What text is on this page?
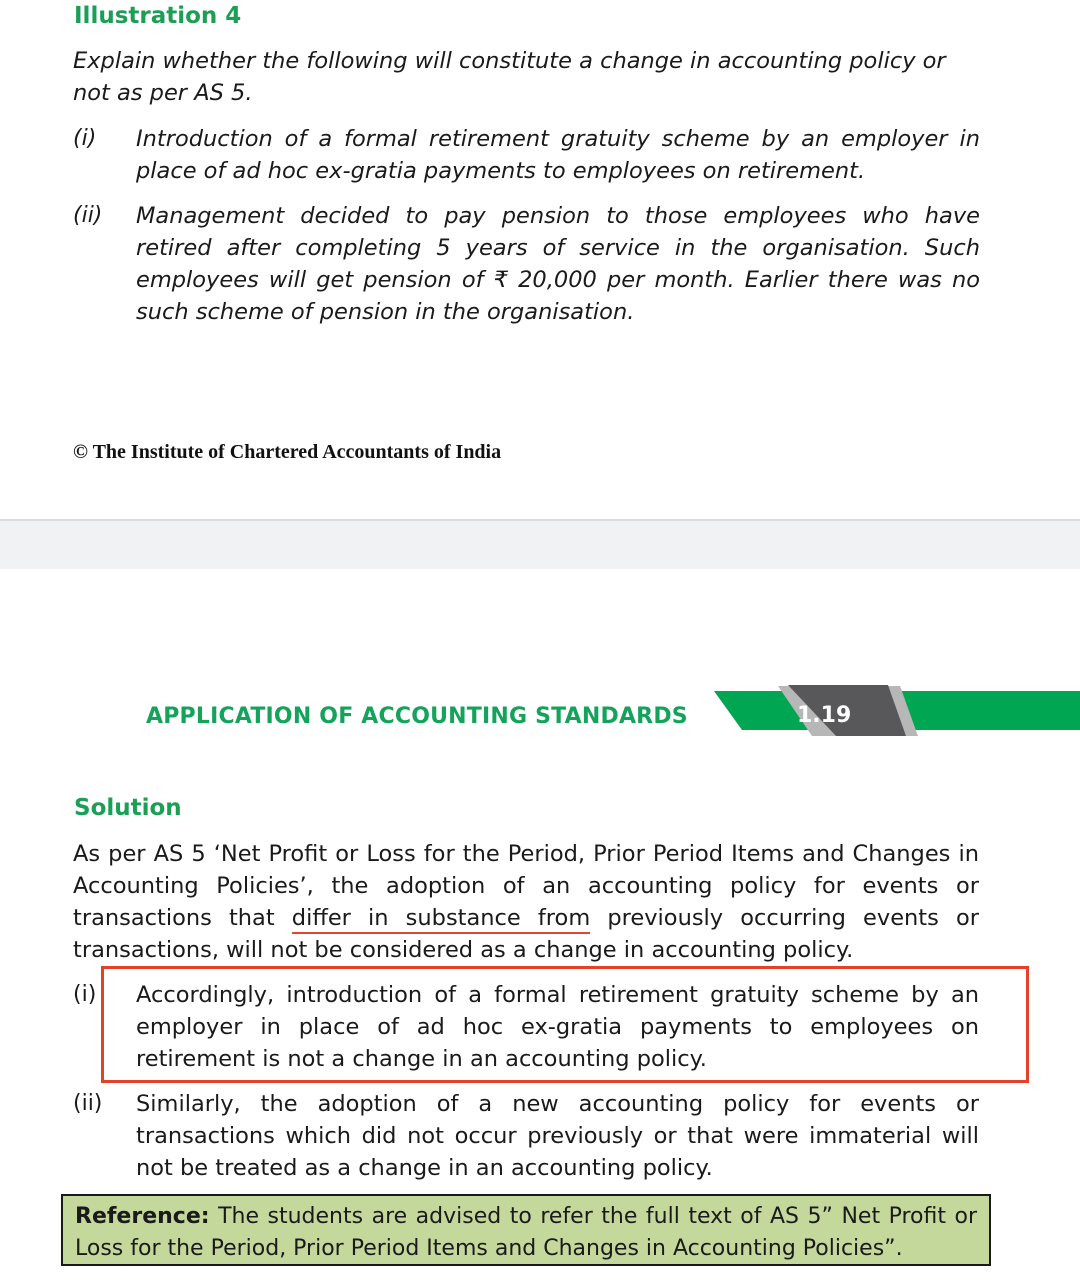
Illustration 4
Explain whether the following will constitute a change in accounting policy or not as per AS 5.
(i) Introduction of a formal retirement gratuity scheme by an employer in place of ad hoc ex-gratia payments to employees on retirement.
(ii) Management decided to pay pension to those employees who have retired after completing 5 years of service in the organisation. Such employees will get pension of ₹ 20,000 per month. Earlier there was no such scheme of pension in the organisation.
© The Institute of Chartered Accountants of India
APPLICATION OF ACCOUNTING STANDARDS	1.19
Solution
As per AS 5 ‘Net Profit or Loss for the Period, Prior Period Items and Changes in Accounting Policies’, the adoption of an accounting policy for events or transactions that differ in substance from previously occurring events or transactions, will not be considered as a change in accounting policy.
(i) Accordingly, introduction of a formal retirement gratuity scheme by an employer in place of ad hoc ex-gratia payments to employees on retirement is not a change in an accounting policy.
(ii) Similarly, the adoption of a new accounting policy for events or transactions which did not occur previously or that were immaterial will not be treated as a change in an accounting policy.
Reference: The students are advised to refer the full text of AS 5” Net Profit or Loss for the Period, Prior Period Items and Changes in Accounting Policies”.
